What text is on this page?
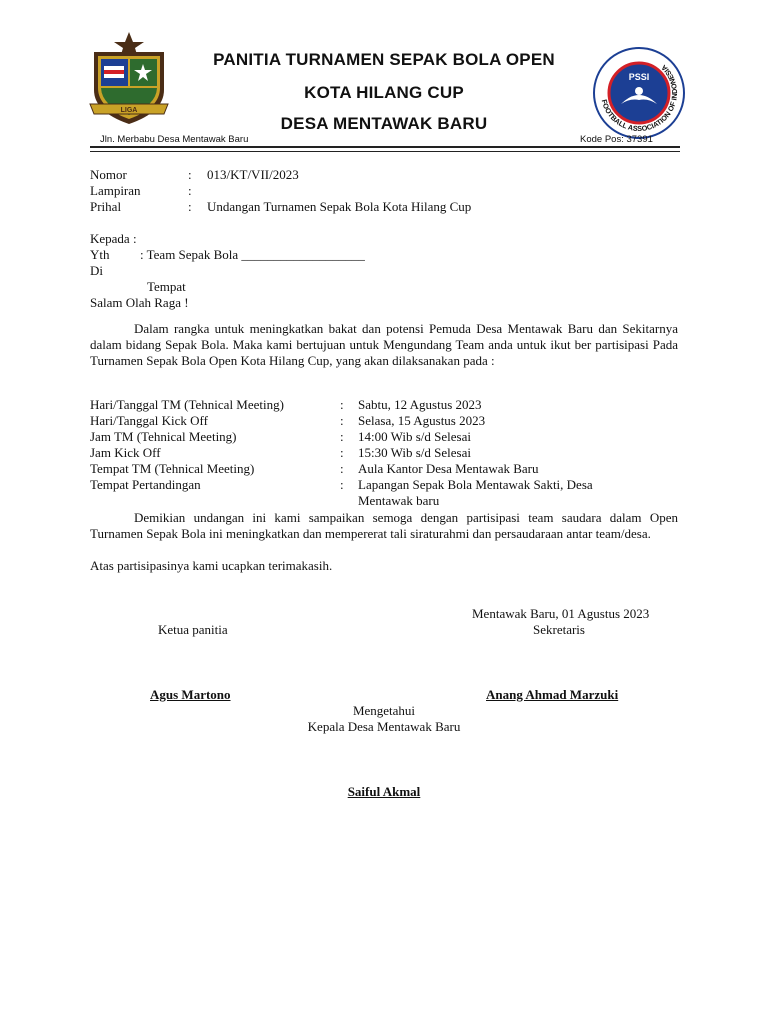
LIGA
FOOTBALL ASSOCIATION OF INDONESIA
PSSI
PANITIA TURNAMEN SEPAK BOLA OPEN
KOTA HILANG CUP
DESA MENTAWAK BARU
Jln. Merbabu Desa Mentawak Baru	Kode Pos: 37391
Nomor	: 013/KT/VII/2023
Lampiran	:
Prihal	: Undangan Turnamen Sepak Bola Kota Hilang Cup
Kepada :
Yth : Team Sepak Bola ___________________
Di
Tempat
Salam Olah Raga !
Dalam rangka untuk meningkatkan bakat dan potensi Pemuda Desa Mentawak Baru dan Sekitarnya dalam bidang Sepak Bola. Maka kami bertujuan untuk Mengundang Team anda untuk ikut ber partisipasi Pada Turnamen Sepak Bola Open Kota Hilang Cup, yang akan dilaksanakan pada :
Hari/Tanggal TM (Tehnical Meeting)	: Sabtu, 12 Agustus 2023
Hari/Tanggal Kick Off	: Selasa, 15 Agustus 2023
Jam TM (Tehnical Meeting)	: 14:00 Wib s/d Selesai
Jam Kick Off	: 15:30 Wib s/d Selesai
Tempat TM (Tehnical Meeting)	: Aula Kantor Desa Mentawak Baru
Tempat Pertandingan	: Lapangan Sepak Bola Mentawak Sakti, Desa
Mentawak baru
Demikian undangan ini kami sampaikan semoga dengan partisipasi team saudara dalam Open Turnamen Sepak Bola ini meningkatkan dan mempererat tali siraturahmi dan persaudaraan antar team/desa.
Atas partisipasinya kami ucapkan terimakasih.
Mentawak Baru, 01 Agustus 2023
Ketua panitia	Sekretaris
Agus Martono	Anang Ahmad Marzuki
Mengetahui
Kepala Desa Mentawak Baru
Saiful Akmal
